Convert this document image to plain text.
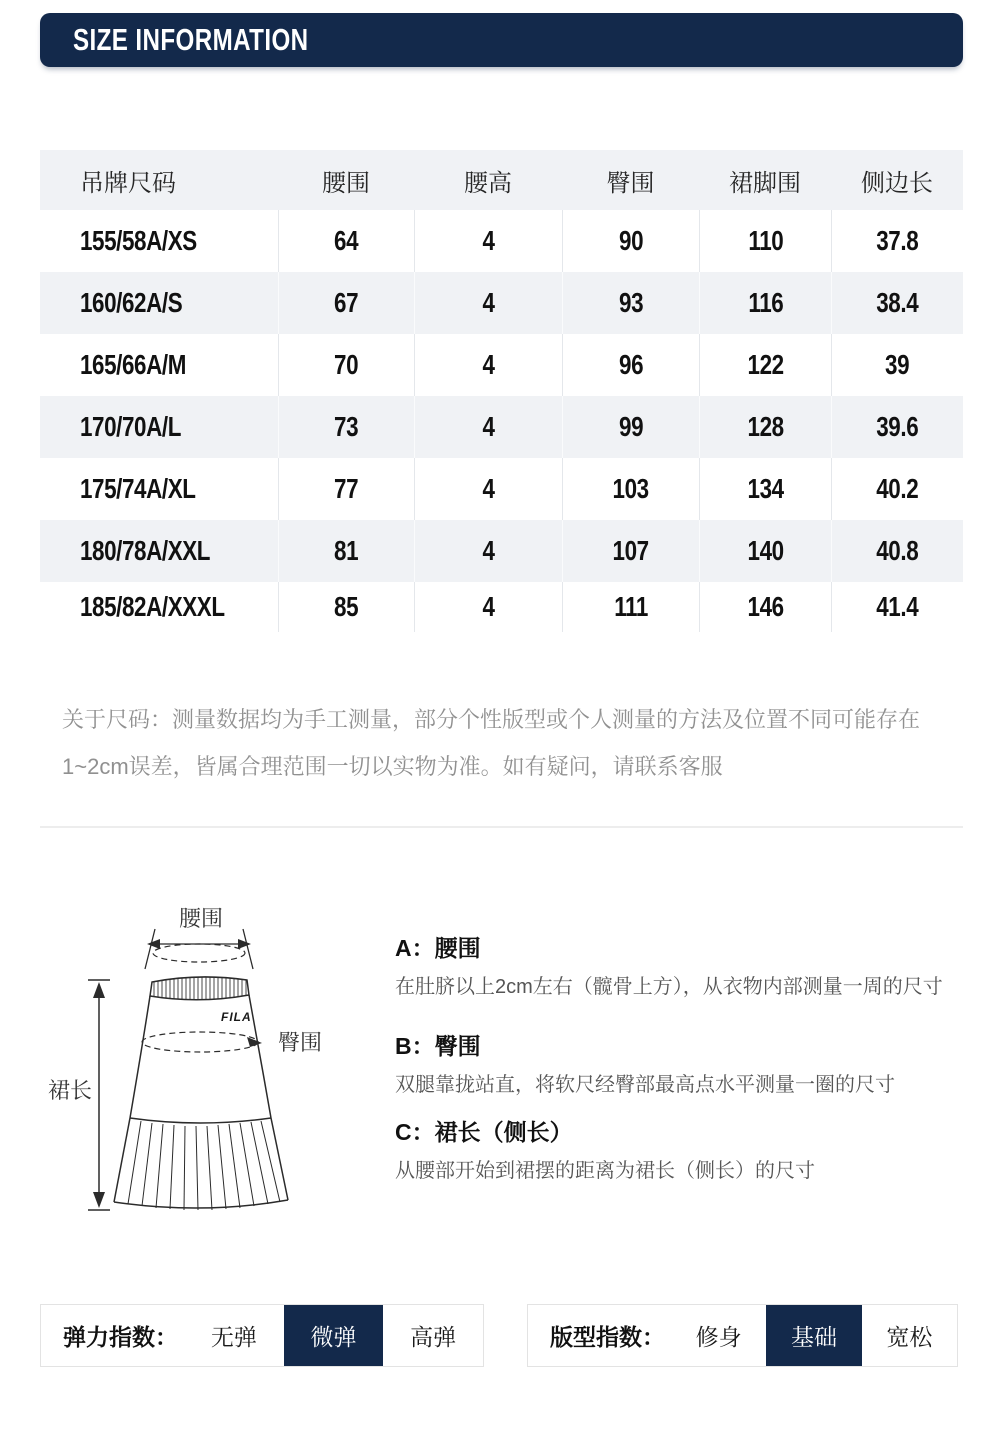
SIZE INFORMATION
吊牌尺码	腰围	腰高	臀围	裙脚围	侧边长
155/58A/XS	64	4	90	110	37.8
160/62A/S	67	4	93	116	38.4
165/66A/M	70	4	96	122	39
170/70A/L	73	4	99	128	39.6
175/74A/XL	77	4	103	134	40.2
180/78A/XXL	81	4	107	140	40.8
185/82A/XXXL	85	4	111	146	41.4
关于尺码：测量数据均为手工测量，部分个性版型或个人测量的方法及位置不同可能存在1~2cm误差，皆属合理范围一切以实物为准。如有疑问，请联系客服
腰围
FILA
臀围
裙长
A：腰围
在肚脐以上2cm左右（髋骨上方），从衣物内部测量一周的尺寸
B：臀围
双腿靠拢站直，将软尺经臀部最高点水平测量一圈的尺寸
C：裙长（侧长）
从腰部开始到裙摆的距离为裙长（侧长）的尺寸
弹力指数：	无弹	微弹	高弹	版型指数：	修身	基础	宽松
